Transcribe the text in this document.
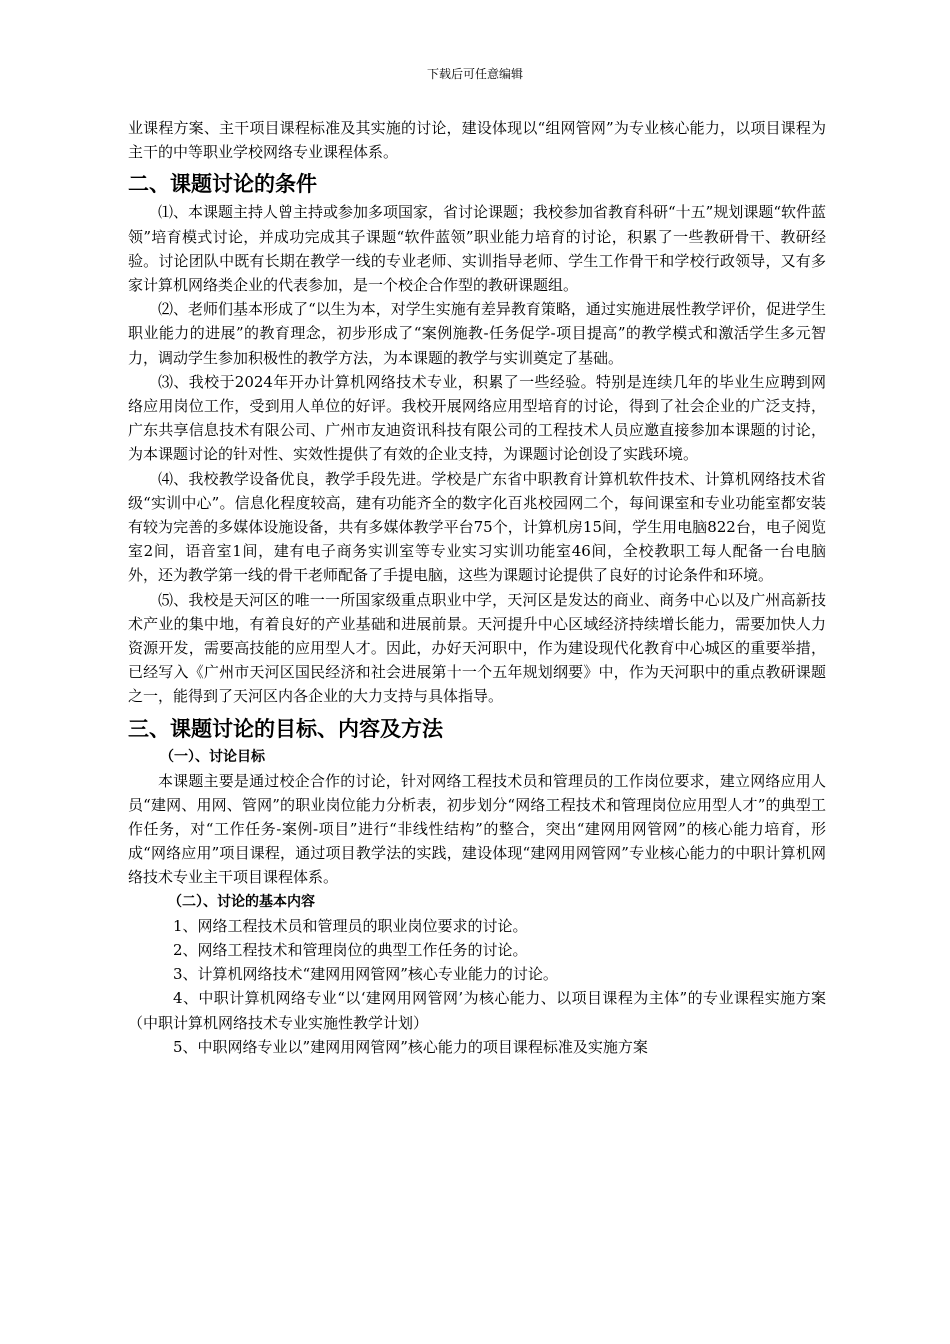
下载后可任意编辑

业课程方案、主干项目课程标准及其实施的讨论，建设体现以“组网管网”为专业核心能力，以项目课程为主干的中等职业学校网络专业课程体系。

二、课题讨论的条件

⑴、本课题主持人曾主持或参加多项国家，省讨论课题；我校参加省教育科研“十五”规划课题“软件蓝领”培育模式讨论，并成功完成其子课题“软件蓝领”职业能力培育的讨论，积累了一些教研骨干、教研经验。讨论团队中既有长期在教学一线的专业老师、实训指导老师、学生工作骨干和学校行政领导，又有多家计算机网络类企业的代表参加，是一个校企合作型的教研课题组。

⑵、老师们基本形成了“以生为本，对学生实施有差异教育策略，通过实施进展性教学评价，促进学生职业能力的进展”的教育理念，初步形成了“案例施教-任务促学-项目提高”的教学模式和激活学生多元智力，调动学生参加积极性的教学方法，为本课题的教学与实训奠定了基础。

⑶、我校于2024年开办计算机网络技术专业，积累了一些经验。特别是连续几年的毕业生应聘到网络应用岗位工作，受到用人单位的好评。我校开展网络应用型培育的讨论，得到了社会企业的广泛支持，广东共享信息技术有限公司、广州市友迪资讯科技有限公司的工程技术人员应邀直接参加本课题的讨论，为本课题讨论的针对性、实效性提供了有效的企业支持，为课题讨论创设了实践环境。

⑷、我校教学设备优良，教学手段先进。学校是广东省中职教育计算机软件技术、计算机网络技术省级“实训中心”。信息化程度较高，建有功能齐全的数字化百兆校园网二个，每间课室和专业功能室都安装有较为完善的多媒体设施设备，共有多媒体教学平台75个，计算机房15间，学生用电脑822台，电子阅览室2间，语音室1间，建有电子商务实训室等专业实习实训功能室46间，全校教职工每人配备一台电脑外，还为教学第一线的骨干老师配备了手提电脑，这些为课题讨论提供了良好的讨论条件和环境。

⑸、我校是天河区的唯一一所国家级重点职业中学，天河区是发达的商业、商务中心以及广州高新技术产业的集中地，有着良好的产业基础和进展前景。天河提升中心区域经济持续增长能力，需要加快人力资源开发，需要高技能的应用型人才。因此，办好天河职中，作为建设现代化教育中心城区的重要举措，已经写入《广州市天河区国民经济和社会进展第十一个五年规划纲要》中，作为天河职中的重点教研课题之一，能得到了天河区内各企业的大力支持与具体指导。

三、课题讨论的目标、内容及方法
（一）、讨论目标

本课题主要是通过校企合作的讨论，针对网络工程技术员和管理员的工作岗位要求，建立网络应用人员“建网、用网、管网”的职业岗位能力分析表，初步划分“网络工程技术和管理岗位应用型人才”的典型工作任务，对“工作任务-案例-项目”进行“非线性结构”的整合，突出“建网用网管网”的核心能力培育，形成“网络应用”项目课程，通过项目教学法的实践，建设体现“建网用网管网”专业核心能力的中职计算机网络技术专业主干项目课程体系。

（二）、讨论的基本内容

1、网络工程技术员和管理员的职业岗位要求的讨论。

2、网络工程技术和管理岗位的典型工作任务的讨论。

3、计算机网络技术“建网用网管网”核心专业能力的讨论。

4、中职计算机网络专业“以‘建网用网管网’为核心能力、以项目课程为主体”的专业课程实施方案（中职计算机网络技术专业实施性教学计划）

5、中职网络专业以”建网用网管网”核心能力的项目课程标准及实施方案
